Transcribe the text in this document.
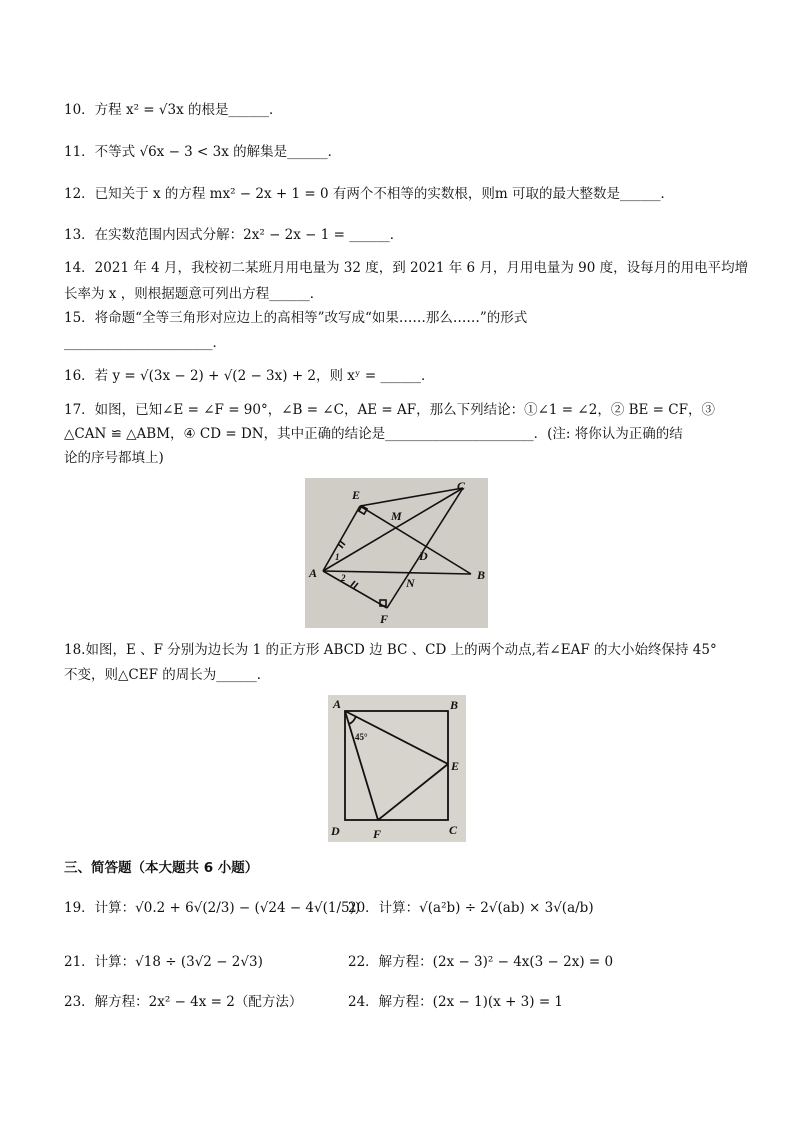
10．方程 x² = √3x 的根是______．
11．不等式 √6x − 3 < 3x 的解集是______．
12．已知关于 x 的方程 mx² − 2x + 1 = 0 有两个不相等的实数根，则m 可取的最大整数是______．
13．在实数范围内因式分解：2x² − 2x − 1 = ______．
14．2021 年 4 月，我校初二某班月用电量为 32 度，到 2021 年 6 月，月用电量为 90 度，设每月的用电平均增
长率为 x ，则根据题意可列出方程______．
15．将命题“全等三角形对应边上的高相等”改写成“如果……那么……”的形式
______________________．
16．若 y = √(3x − 2) + √(2 − 3x) + 2，则 xʸ = ______．
17．如图，已知∠E = ∠F = 90°，∠B = ∠C，AE = AF，那么下列结论：①∠1 = ∠2，② BE = CF，③
△CAN ≌ △ABM，④ CD = DN，其中正确的结论是______________________．(注: 将你认为正确的结
论的序号都填上)
E
M
C
D
A
1
2	N
B
F
18.如图，E 、F 分别为边长为 1 的正方形 ABCD 边 BC 、CD 上的两个动点,若∠EAF 的大小始终保持 45°
不变，则△CEF 的周长为______．
A	B
45°
E
D	F	C
三、简答题（本大题共 6 小题）
19．计算：√0.2 + 6√(2/3) − (√24 − 4√(1/5))
20．计算：√(a²b) ÷ 2√(ab) × 3√(a/b)
21．计算：√18 ÷ (3√2 − 2√3)	22．解方程：(2x − 3)² − 4x(3 − 2x) = 0
23．解方程：2x² − 4x = 2（配方法）	24．解方程：(2x − 1)(x + 3) = 1
